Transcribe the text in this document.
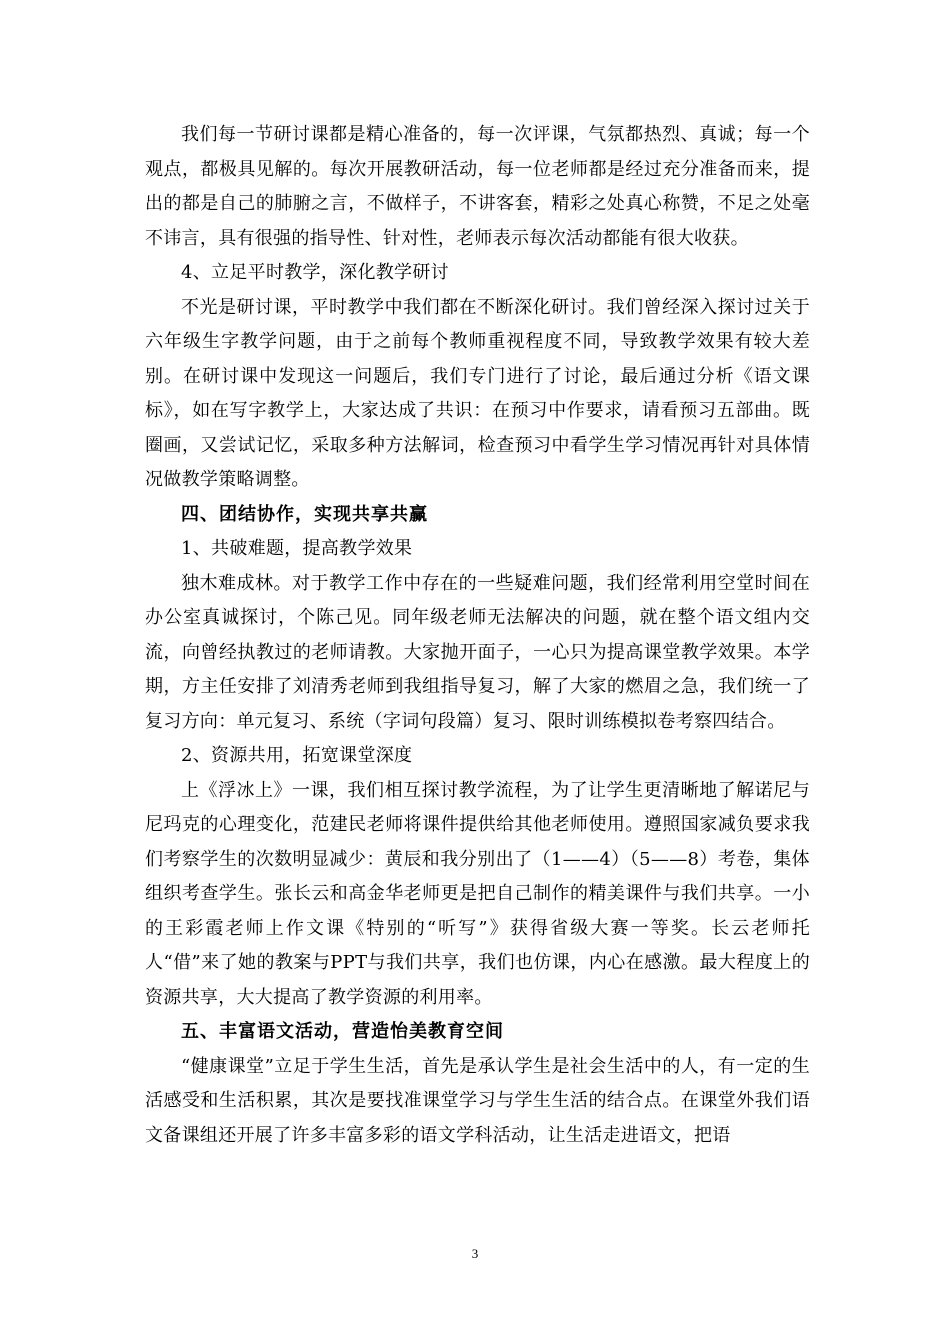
我们每一节研讨课都是精心准备的，每一次评课，气氛都热烈、真诚；每一个观点，都极具见解的。每次开展教研活动，每一位老师都是经过充分准备而来，提出的都是自己的肺腑之言，不做样子，不讲客套，精彩之处真心称赞，不足之处毫不讳言，具有很强的指导性、针对性，老师表示每次活动都能有很大收获。

4、立足平时教学，深化教学研讨

不光是研讨课，平时教学中我们都在不断深化研讨。我们曾经深入探讨过关于六年级生字教学问题，由于之前每个教师重视程度不同，导致教学效果有较大差别。在研讨课中发现这一问题后，我们专门进行了讨论，最后通过分析《语文课标》，如在写字教学上，大家达成了共识：在预习中作要求，请看预习五部曲。既圈画，又尝试记忆，采取多种方法解词，检查预习中看学生学习情况再针对具体情况做教学策略调整。

四、团结协作，实现共享共赢

1、共破难题，提高教学效果

独木难成林。对于教学工作中存在的一些疑难问题，我们经常利用空堂时间在办公室真诚探讨，个陈己见。同年级老师无法解决的问题，就在整个语文组内交流，向曾经执教过的老师请教。大家抛开面子，一心只为提高课堂教学效果。本学期，方主任安排了刘清秀老师到我组指导复习，解了大家的燃眉之急，我们统一了复习方向：单元复习、系统（字词句段篇）复习、限时训练模拟卷考察四结合。

2、资源共用，拓宽课堂深度

上《浮冰上》一课，我们相互探讨教学流程，为了让学生更清晰地了解诺尼与尼玛克的心理变化，范建民老师将课件提供给其他老师使用。遵照国家减负要求我们考察学生的次数明显减少：黄辰和我分别出了（1——4）（5——8）考卷，集体组织考查学生。张长云和高金华老师更是把自己制作的精美课件与我们共享。一小的王彩霞老师上作文课《特别的“听写”》获得省级大赛一等奖。长云老师托人“借”来了她的教案与PPT与我们共享，我们也仿课，内心在感激。最大程度上的资源共享，大大提高了教学资源的利用率。

五、丰富语文活动，营造怡美教育空间

“健康课堂”立足于学生生活，首先是承认学生是社会生活中的人，有一定的生活感受和生活积累，其次是要找准课堂学习与学生生活的结合点。在课堂外我们语文备课组还开展了许多丰富多彩的语文学科活动，让生活走进语文，把语

3
